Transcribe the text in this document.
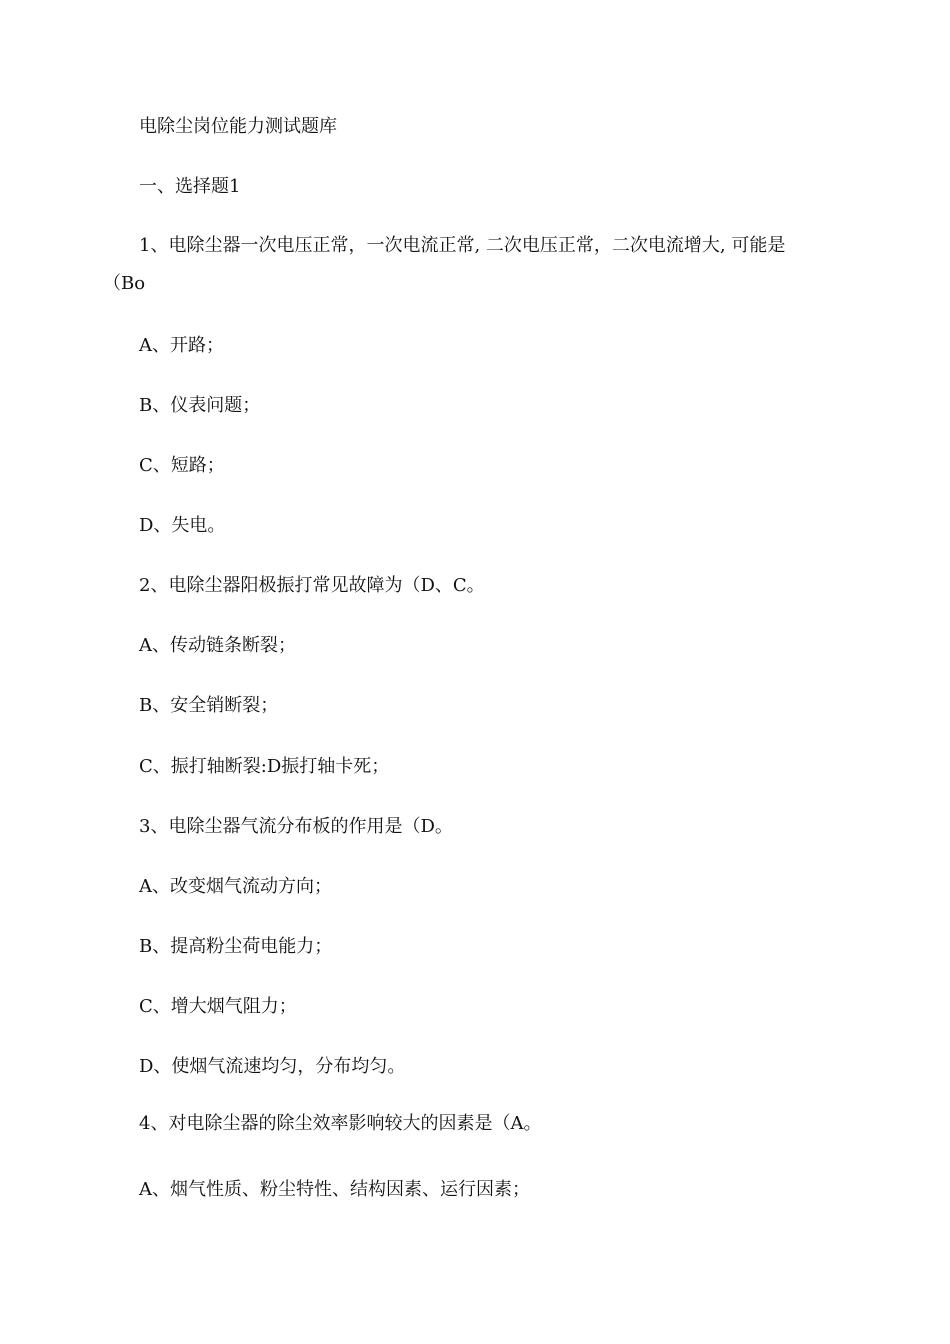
电除尘岗位能力测试题库
一、选择题1
1、电除尘器一次电压正常，一次电流正常, 二次电压正常，二次电流增大, 可能是
（Bo
A、开路；
B、仪表问题；
C、短路；
D、失电。
2、电除尘器阳极振打常见故障为（D、C。
A、传动链条断裂；
B、安全销断裂；
C、振打轴断裂:D振打轴卡死；
3、电除尘器气流分布板的作用是（D。
A、改变烟气流动方向；
B、提高粉尘荷电能力；
C、增大烟气阻力；
D、使烟气流速均匀，分布均匀。
4、对电除尘器的除尘效率影响较大的因素是（A。
A、烟气性质、粉尘特性、结构因素、运行因素；
